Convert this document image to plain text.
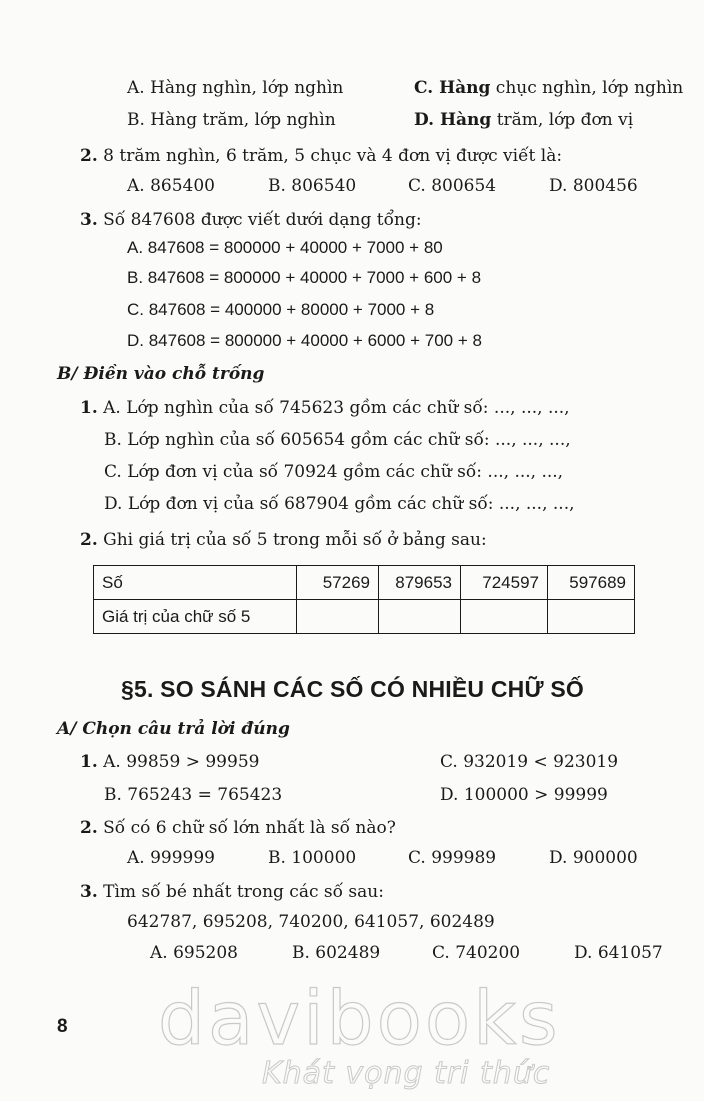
A. Hàng nghìn, lớp nghìn	C. Hàng chục nghìn, lớp nghìn
B. Hàng trăm, lớp nghìn	D. Hàng trăm, lớp đơn vị
2. 8 trăm nghìn, 6 trăm, 5 chục và 4 đơn vị được viết là:
A. 865400	B. 806540	C. 800654	D. 800456
3. Số 847608 được viết dưới dạng tổng:
A. 847608 = 800000 + 40000 + 7000 + 80
B. 847608 = 800000 + 40000 + 7000 + 600 + 8
C. 847608 = 400000 + 80000 + 7000 + 8
D. 847608 = 800000 + 40000 + 6000 + 700 + 8
B/ Điền vào chỗ trống
1. A. Lớp nghìn của số 745623 gồm các chữ số: ..., ..., ...,
B. Lớp nghìn của số 605654 gồm các chữ số: ..., ..., ...,
C. Lớp đơn vị của số 70924 gồm các chữ số: ..., ..., ...,
D. Lớp đơn vị của số 687904 gồm các chữ số: ..., ..., ...,
2. Ghi giá trị của số 5 trong mỗi số ở bảng sau:
Số	57269	879653	724597	597689
Giá trị của chữ số 5				
§5. SO SÁNH CÁC SỐ CÓ NHIỀU CHỮ SỐ
A/ Chọn câu trả lời đúng
1. A. 99859 > 99959	C. 932019 < 923019
B. 765243 = 765423	D. 100000 > 99999
2. Số có 6 chữ số lớn nhất là số nào?
A. 999999	B. 100000	C. 999989	D. 900000
3. Tìm số bé nhất trong các số sau:
642787, 695208, 740200, 641057, 602489
A. 695208	B. 602489	C. 740200	D. 641057
8 davibooks
Khát vọng tri thức
